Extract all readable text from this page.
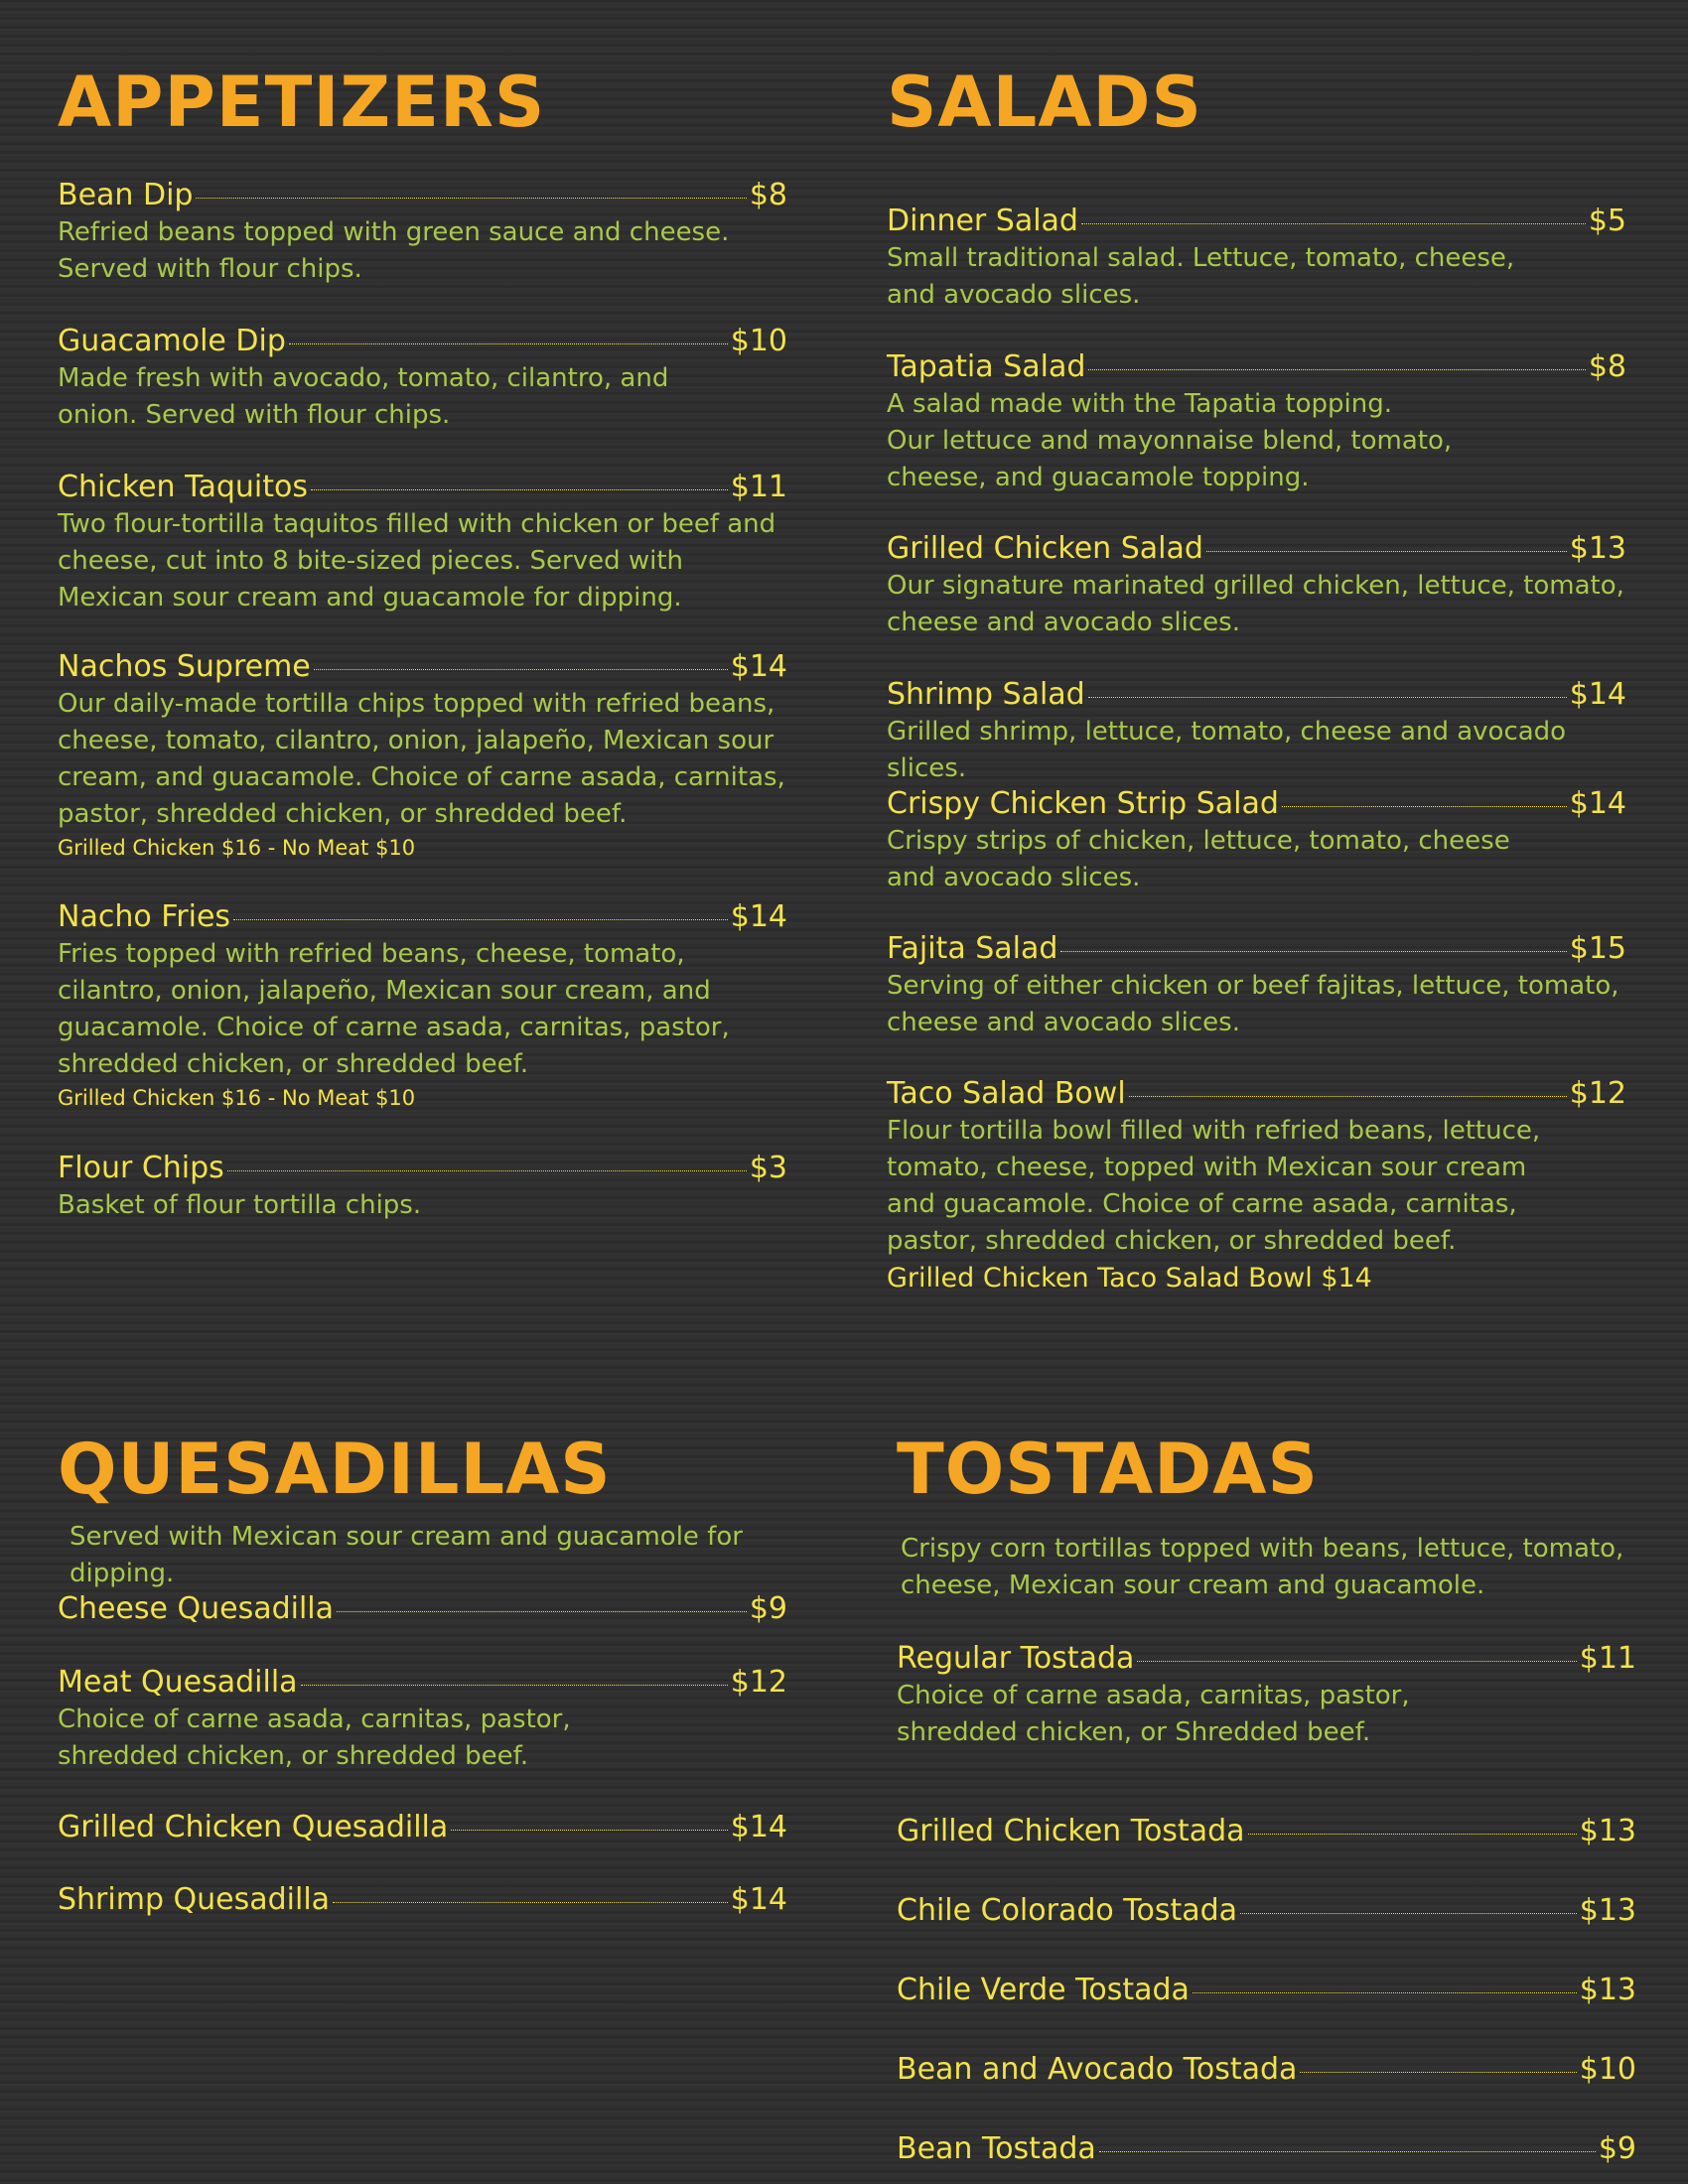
APPETIZERS
Bean Dip	$8

Refried beans topped with green sauce and cheese.

Served with flour chips.

Guacamole Dip	$10

Made fresh with avocado, tomato, cilantro, and

onion. Served with flour chips.

Chicken Taquitos	$11

Two flour-tortilla taquitos filled with chicken or beef and

cheese, cut into 8 bite-sized pieces. Served with

Mexican sour cream and guacamole for dipping.

Nachos Supreme	$14

Our daily-made tortilla chips topped with refried beans,

cheese, tomato, cilantro, onion, jalapeño, Mexican sour

cream, and guacamole. Choice of carne asada, carnitas,

pastor, shredded chicken, or shredded beef.

Grilled Chicken $16 - No Meat $10
Nacho Fries	$14

Fries topped with refried beans, cheese, tomato,

cilantro, onion, jalapeño, Mexican sour cream, and

guacamole. Choice of carne asada, carnitas, pastor,

shredded chicken, or shredded beef.

Grilled Chicken $16 - No Meat $10
Flour Chips	$3

Basket of flour tortilla chips.

SALADS
Dinner Salad	$5

Small traditional salad. Lettuce, tomato, cheese,

and avocado slices.

Tapatia Salad	$8

A salad made with the Tapatia topping.

Our lettuce and mayonnaise blend, tomato,

cheese, and guacamole topping.

Grilled Chicken Salad	$13

Our signature marinated grilled chicken, lettuce, tomato,

cheese and avocado slices.

Shrimp Salad	$14

Grilled shrimp, lettuce, tomato, cheese and avocado slices.

Crispy Chicken Strip Salad	$14

Crispy strips of chicken, lettuce, tomato, cheese

and avocado slices.

Fajita Salad	$15

Serving of either chicken or beef fajitas, lettuce, tomato,

cheese and avocado slices.

Taco Salad Bowl	$12

Flour tortilla bowl filled with refried beans, lettuce,

tomato, cheese, topped with Mexican sour cream

and guacamole. Choice of carne asada, carnitas,

pastor, shredded chicken, or shredded beef.

Grilled Chicken Taco Salad Bowl $14
QUESADILLAS

Served with Mexican sour cream and guacamole for dipping.

Cheese Quesadilla	$9
Meat Quesadilla	$12

Choice of carne asada, carnitas, pastor,

shredded chicken, or shredded beef.

Grilled Chicken Quesadilla	$14
Shrimp Quesadilla	$14
TOSTADAS

Crispy corn tortillas topped with beans, lettuce, tomato,

cheese, Mexican sour cream and guacamole.

Regular Tostada	$11

Choice of carne asada, carnitas, pastor,

shredded chicken, or Shredded beef.

Grilled Chicken Tostada	$13
Chile Colorado Tostada	$13
Chile Verde Tostada	$13
Bean and Avocado Tostada	$10
Bean Tostada	$9
